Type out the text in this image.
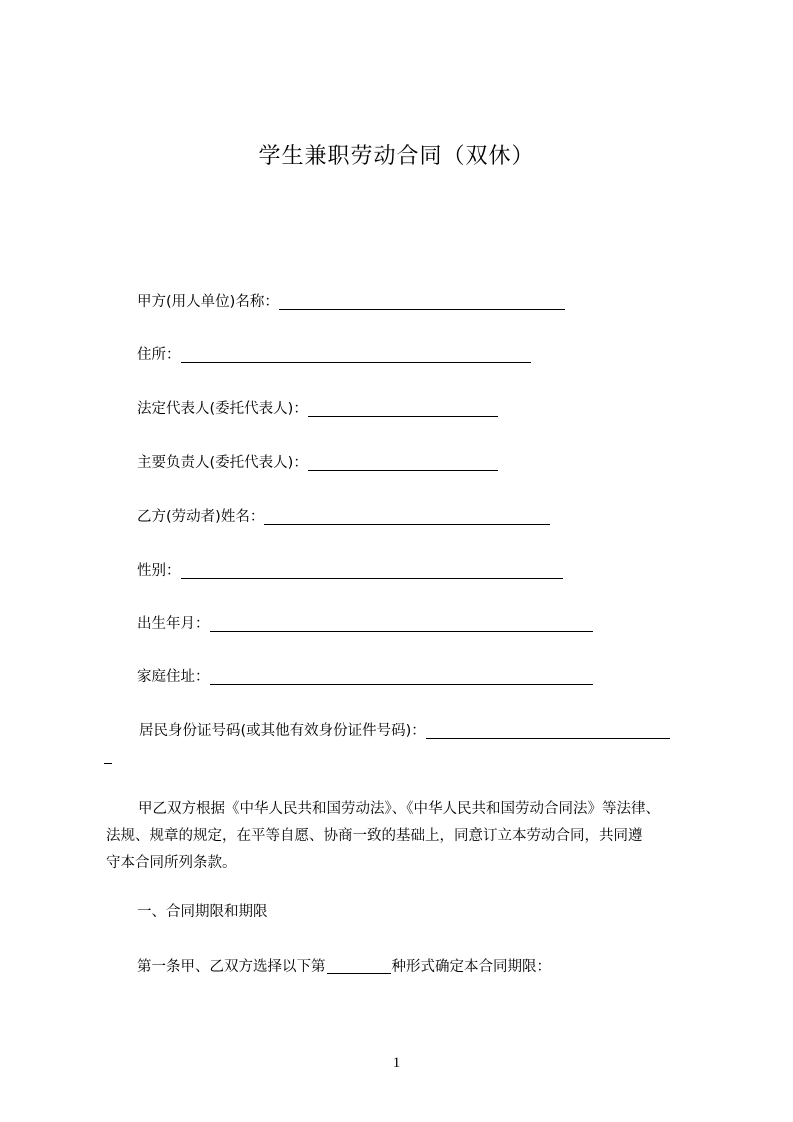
学生兼职劳动合同（双休）
甲方(用人单位)名称：
住所：
法定代表人(委托代表人)：
主要负责人(委托代表人)：
乙方(劳动者)姓名：
性别：
出生年月：
家庭住址：
居民身份证号码(或其他有效身份证件号码)：
甲乙双方根据《中华人民共和国劳动法》、《中华人民共和国劳动合同法》等法律、
法规、规章的规定，在平等自愿、协商一致的基础上，同意订立本劳动合同，共同遵
守本合同所列条款。
一、合同期限和期限
第一条甲、乙双方选择以下第	种形式确定本合同期限：
1
